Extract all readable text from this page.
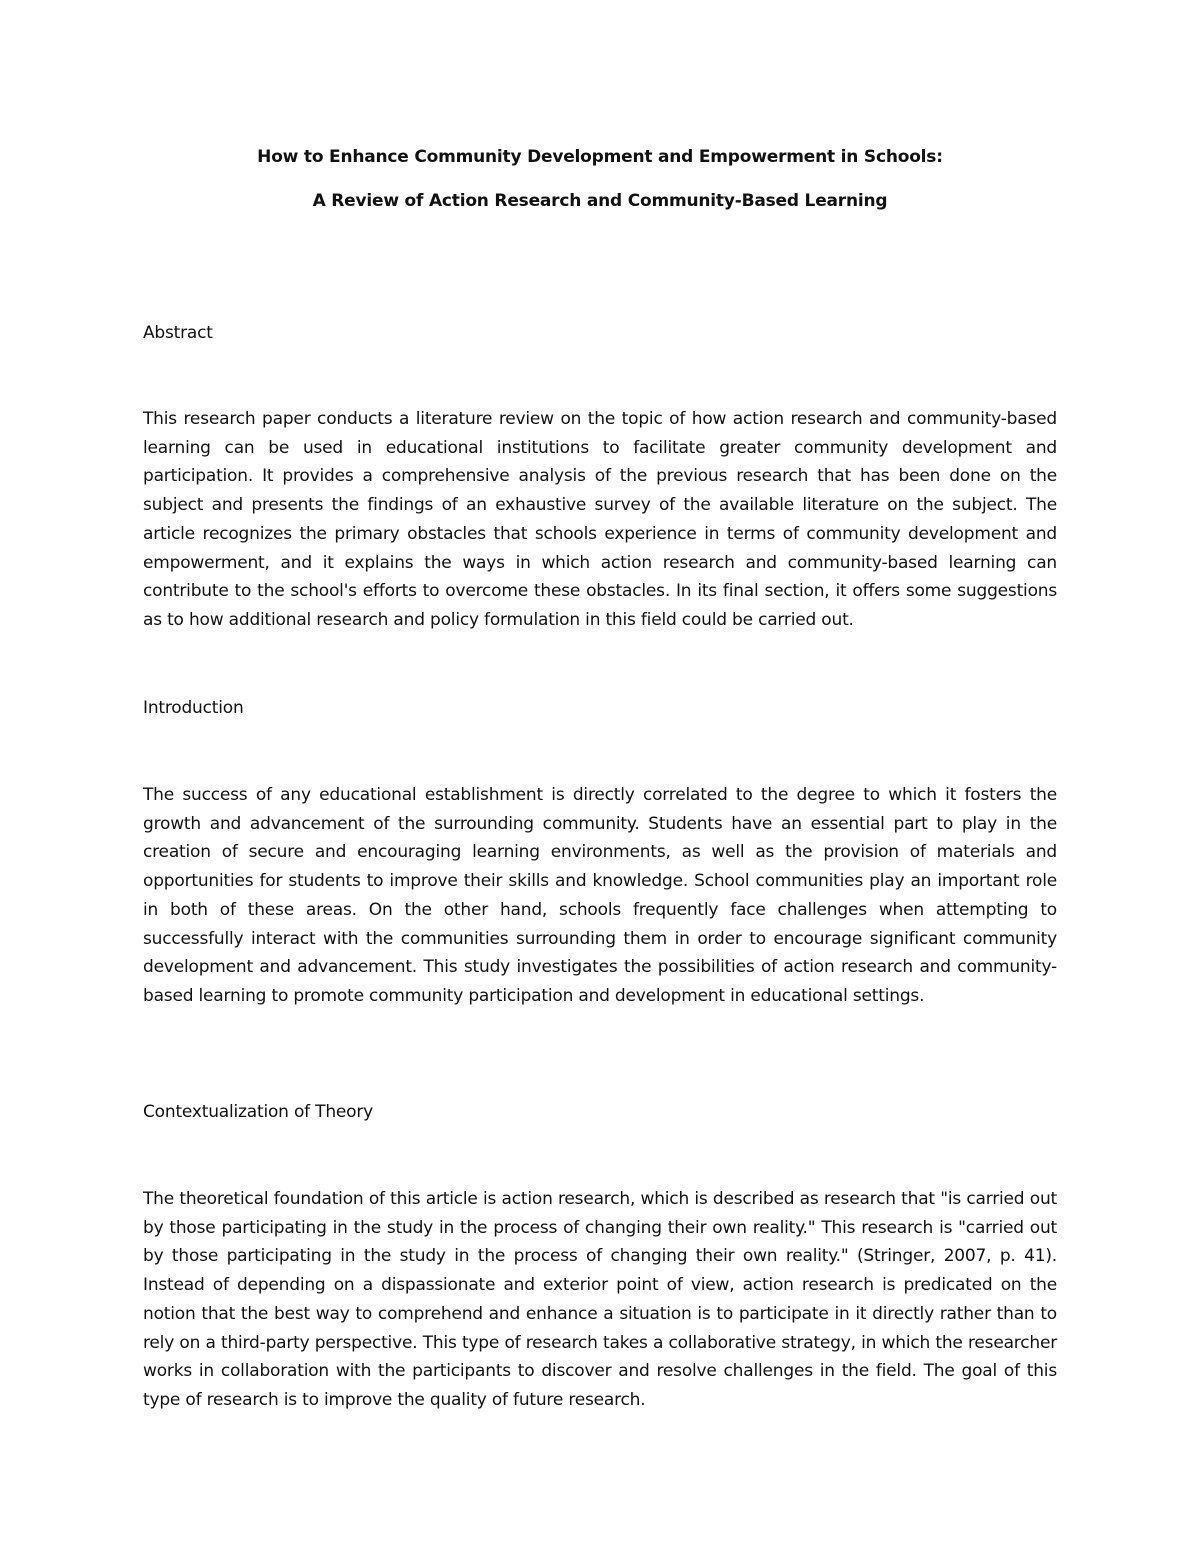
How to Enhance Community Development and Empowerment in Schools:
A Review of Action Research and Community-Based Learning
Abstract

This research paper conducts a literature review on the topic of how action research and community-based learning can be used in educational institutions to facilitate greater community development and participation. It provides a comprehensive analysis of the previous research that has been done on the subject and presents the findings of an exhaustive survey of the available literature on the subject. The article recognizes the primary obstacles that schools experience in terms of community development and empowerment, and it explains the ways in which action research and community-based learning can contribute to the school's efforts to overcome these obstacles. In its final section, it offers some suggestions as to how additional research and policy formulation in this field could be carried out.

Introduction

The success of any educational establishment is directly correlated to the degree to which it fosters the growth and advancement of the surrounding community. Students have an essential part to play in the creation of secure and encouraging learning environments, as well as the provision of materials and opportunities for students to improve their skills and knowledge. School communities play an important role in both of these areas. On the other hand, schools frequently face challenges when attempting to successfully interact with the communities surrounding them in order to encourage significant community development and advancement. This study investigates the possibilities of action research and community-based learning to promote community participation and development in educational settings.

Contextualization of Theory

The theoretical foundation of this article is action research, which is described as research that "is carried out by those participating in the study in the process of changing their own reality." This research is "carried out by those participating in the study in the process of changing their own reality." (Stringer, 2007, p. 41). Instead of depending on a dispassionate and exterior point of view, action research is predicated on the notion that the best way to comprehend and enhance a situation is to participate in it directly rather than to rely on a third-party perspective. This type of research takes a collaborative strategy, in which the researcher works in collaboration with the participants to discover and resolve challenges in the field. The goal of this type of research is to improve the quality of future research.
